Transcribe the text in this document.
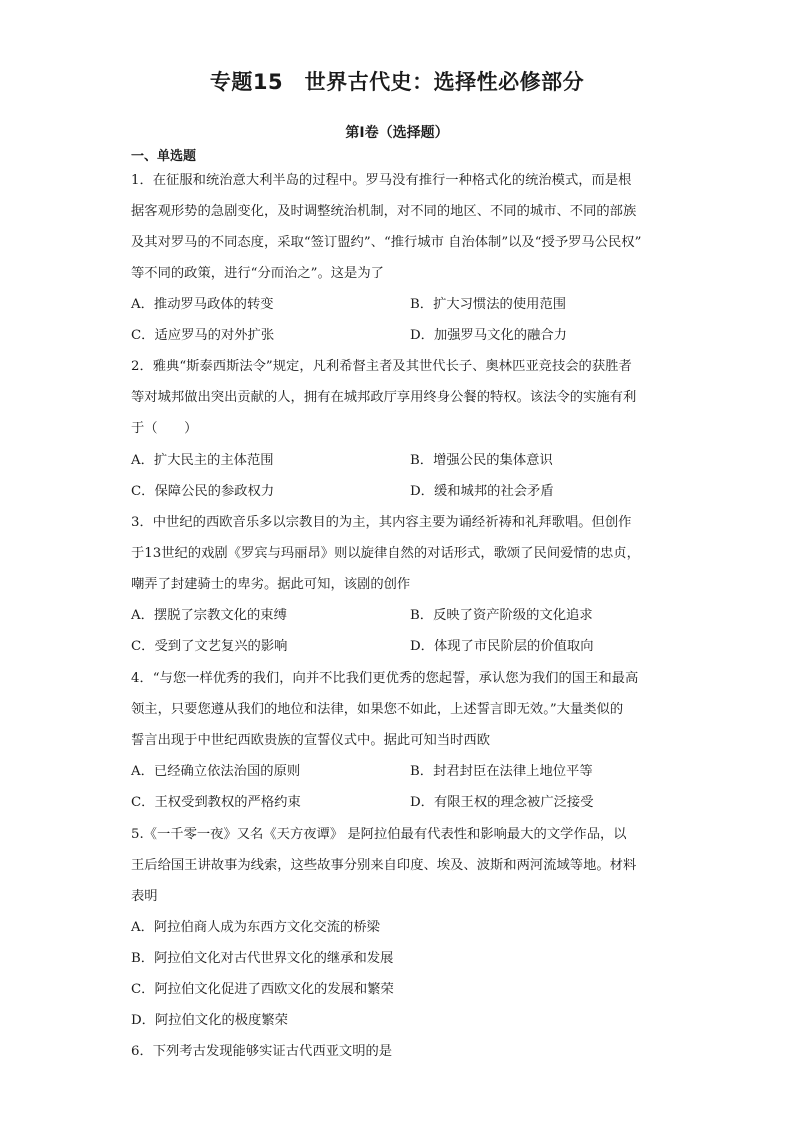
专题15　世界古代史：选择性必修部分
第I卷（选择题）
一、单选题
1．在征服和统治意大利半岛的过程中。罗马没有推行一种格式化的统治模式，而是根
据客观形势的急剧变化，及时调整统治机制，对不同的地区、不同的城市、不同的部族
及其对罗马的不同态度，采取“签订盟约”、“推行城市 自治体制”以及“授予罗马公民权”
等不同的政策，进行“分而治之”。这是为了
A．推动罗马政体的转变	B．扩大习惯法的使用范围
C．适应罗马的对外扩张	D．加强罗马文化的融合力
2．雅典“斯泰西斯法令”规定，凡利希督主者及其世代长子、奥林匹亚竞技会的获胜者
等对城邦做出突出贡献的人，拥有在城邦政厅享用终身公餐的特权。该法令的实施有利
于（　　）
A．扩大民主的主体范围	B．增强公民的集体意识
C．保障公民的参政权力	D．缓和城邦的社会矛盾
3．中世纪的西欧音乐多以宗教目的为主，其内容主要为诵经祈祷和礼拜歌唱。但创作
于13世纪的戏剧《罗宾与玛丽昂》则以旋律自然的对话形式，歌颂了民间爱情的忠贞，
嘲弄了封建骑士的卑劣。据此可知，该剧的创作
A．摆脱了宗教文化的束缚	B．反映了资产阶级的文化追求
C．受到了文艺复兴的影响	D．体现了市民阶层的价值取向
4．“与您一样优秀的我们，向并不比我们更优秀的您起誓，承认您为我们的国王和最高
领主，只要您遵从我们的地位和法律，如果您不如此，上述誓言即无效。”大量类似的
誓言出现于中世纪西欧贵族的宣誓仪式中。据此可知当时西欧
A．已经确立依法治国的原则	B．封君封臣在法律上地位平等
C．王权受到教权的严格约束	D．有限王权的理念被广泛接受
5.《一千零一夜》又名《天方夜谭》 是阿拉伯最有代表性和影响最大的文学作品，以
王后给国王讲故事为线索，这些故事分别来自印度、埃及、波斯和两河流域等地。材料
表明
A．阿拉伯商人成为东西方文化交流的桥梁
B．阿拉伯文化对古代世界文化的继承和发展
C．阿拉伯文化促进了西欧文化的发展和繁荣
D．阿拉伯文化的极度繁荣
6．下列考古发现能够实证古代西亚文明的是
